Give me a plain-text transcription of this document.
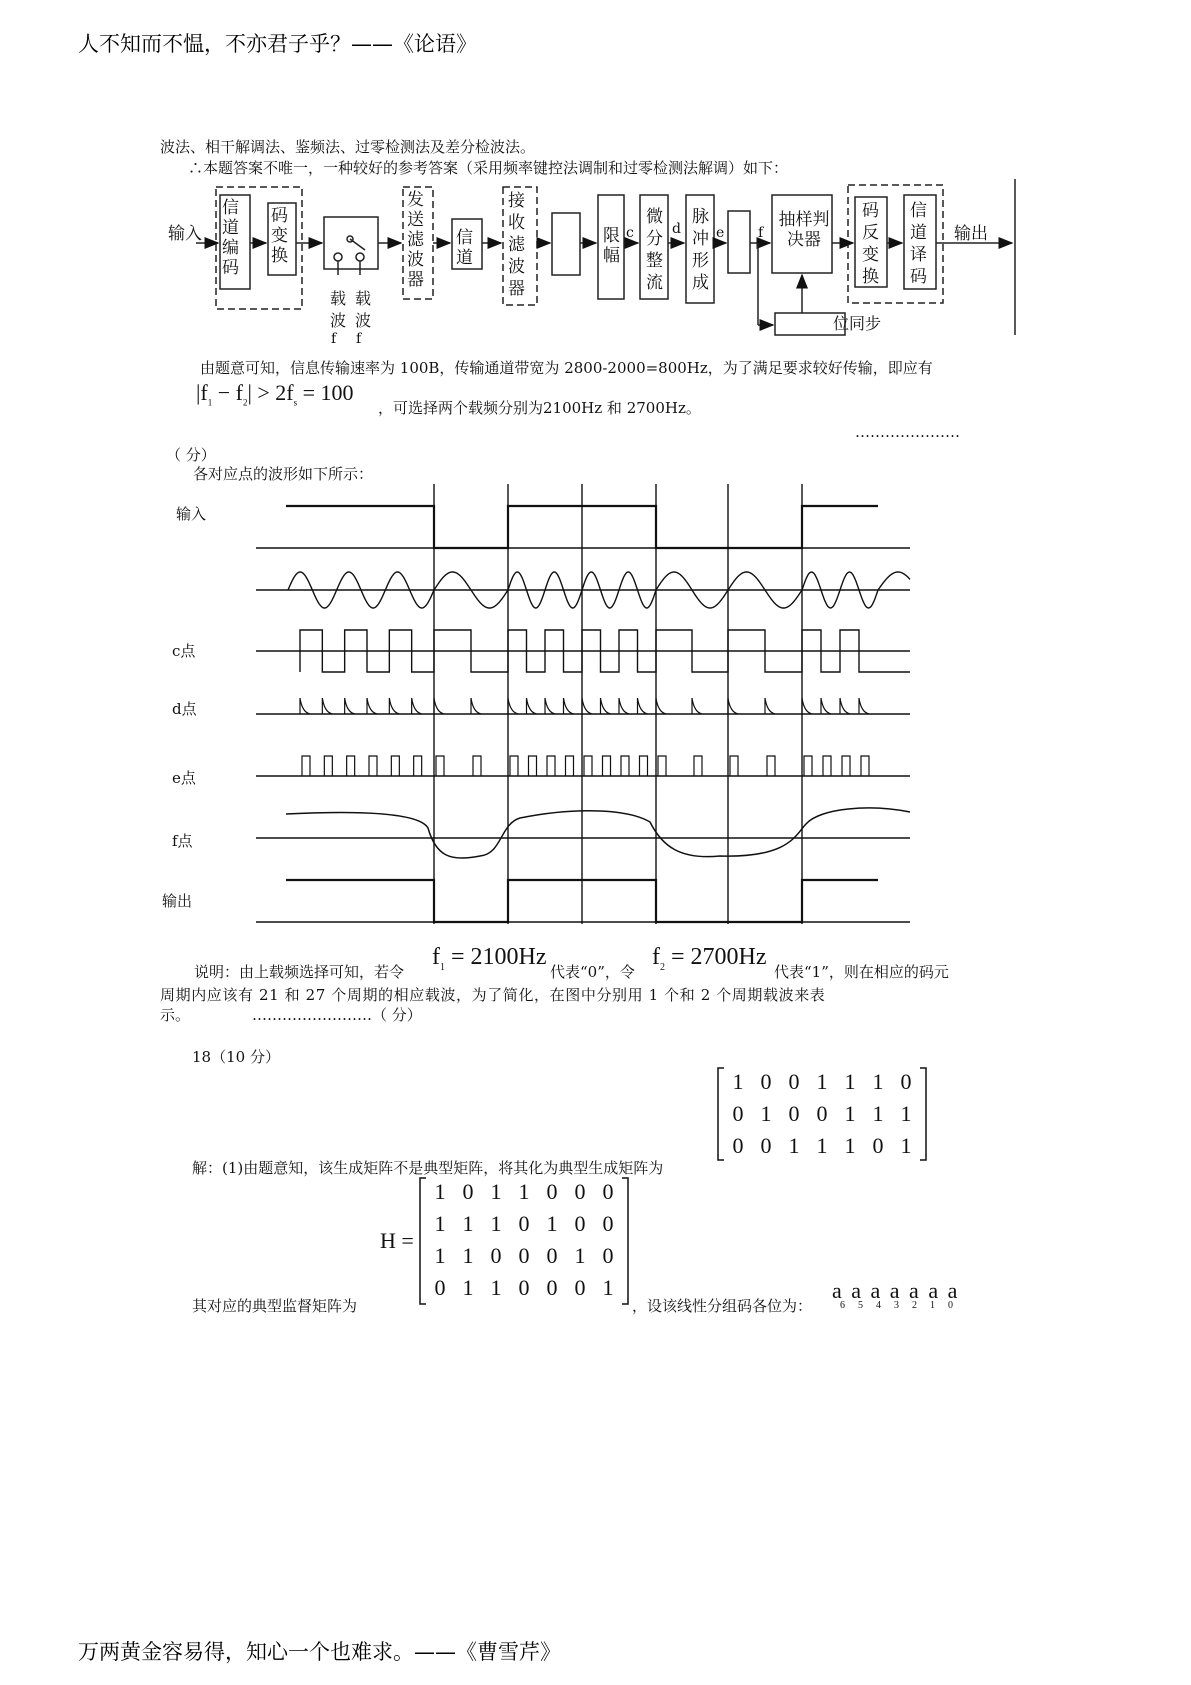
人不知而不愠，不亦君子乎？——《论语》
波法、相干解调法、鉴频法、过零检测法及差分检波法。
∴本题答案不唯一，一种较好的参考答案（采用频率键控法调制和过零检测法解调）如下：
输入	输出
位同步
c	d	e f
f f
信道编码
码变换
发送滤波器
信道
接收滤波器
限幅
微分整流
脉冲形成
抽样判决器
码反变换
信道译码
载波
载波
由题意可知，信息传输速率为 100B，传输通道带宽为 2800-2000=800Hz，为了满足要求较好传输，即应有
$|f_1 - f_2| > 2f_s = 100$
，可选择两个载频分别为2100Hz 和 2700Hz。
…………………
（ 分）
各对应点的波形如下所示：
输入
c点
d点
e点
f点
输出
说明：由上载频选择可知，若令
$f_1 = 2100Hz$
代表“0”，令
$f_2 = 2700Hz$
代表“1”，则在相应的码元
周期内应该有 21 和 27 个周期的相应载波，为了简化，在图中分别用 1 个和 2 个周期载波来表
示。	……………………（ 分）
18（10 分）
1 0 0 1 1 1 0
0 1 0 0 1 1 1
0 0 1 1 1 0 1
解：(1)由题意知，该生成矩阵不是典型矩阵，将其化为典型生成矩阵为
H =
1 0 1 1 0 0 0
1 1 1 0 1 0 0
1 1 0 0 0 1 0
0 1 1 0 0 0 1
其对应的典型监督矩阵为	，设该线性分组码各位为：
a a a a a a a
6 5 4 3 2 1 0
万两黄金容易得，知心一个也难求。——《曹雪芹》
